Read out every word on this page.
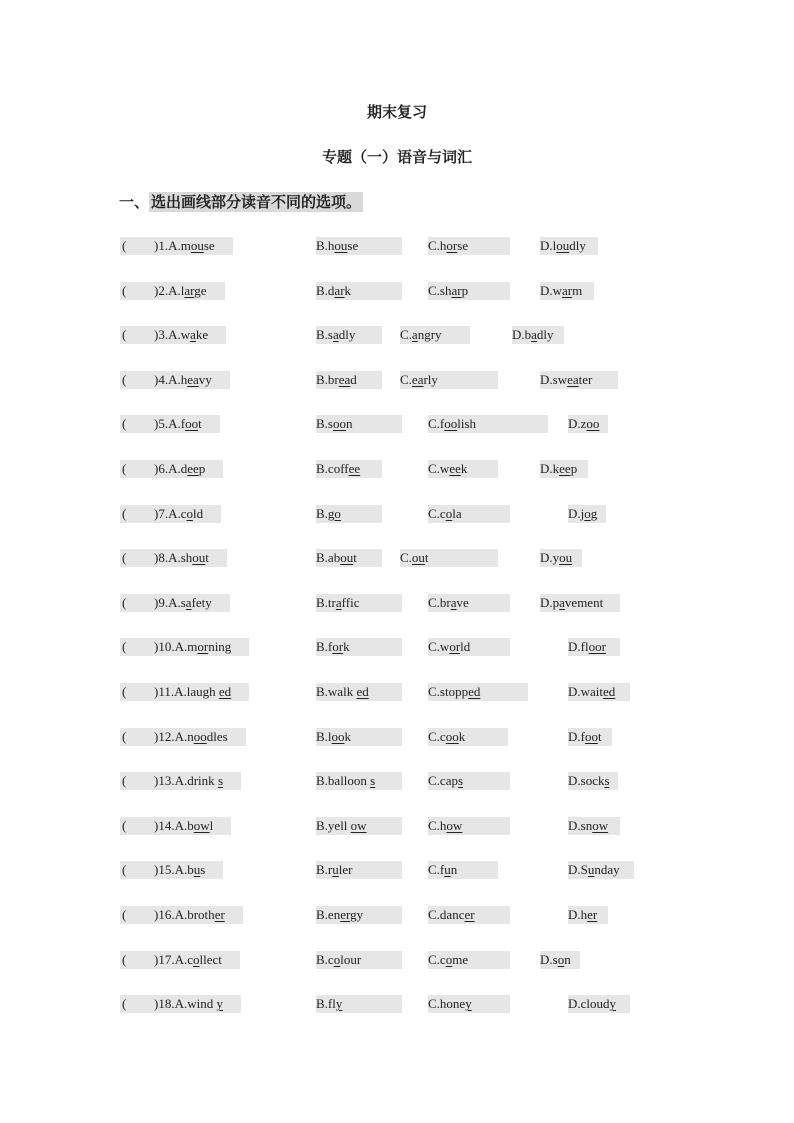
期末复习
专题（一）语音与词汇
一、 选出画线部分读音不同的选项。
( )1.A.mouse	B.house	C.horse	D.loudly
( )2.A.large	B.dark	C.sharp	D.warm
( )3.A.wake	B.sadly	C.angry	D.badly
( )4.A.heavy	B.bread	C.early	D.sweater
( )5.A.foot	B.soon	C.foolish	D.zoo
( )6.A.deep	B.coffee	C.week	D.keep
( )7.A.cold	B.go	C.cola	D.jog
( )8.A.shout	B.about	C.out	D.you
( )9.A.safety	B.traffic	C.brave	D.pavement
( )10.A.morning	B.fork	C.world	D.floor
( )11.A.laugh ed	B.walk ed	C.stopped	D.waited
( )12.A.noodles	B.look	C.cook	D.foot
( )13.A.drink s	B.balloon s	C.caps	D.socks
( )14.A.bowl	B.yell ow	C.how	D.snow
( )15.A.bus	B.ruler	C.fun	D.Sunday
( )16.A.brother	B.energy	C.dancer	D.her
( )17.A.collect	B.colour	C.come	D.son
( )18.A.wind y	B.fly	C.honey	D.cloudy
